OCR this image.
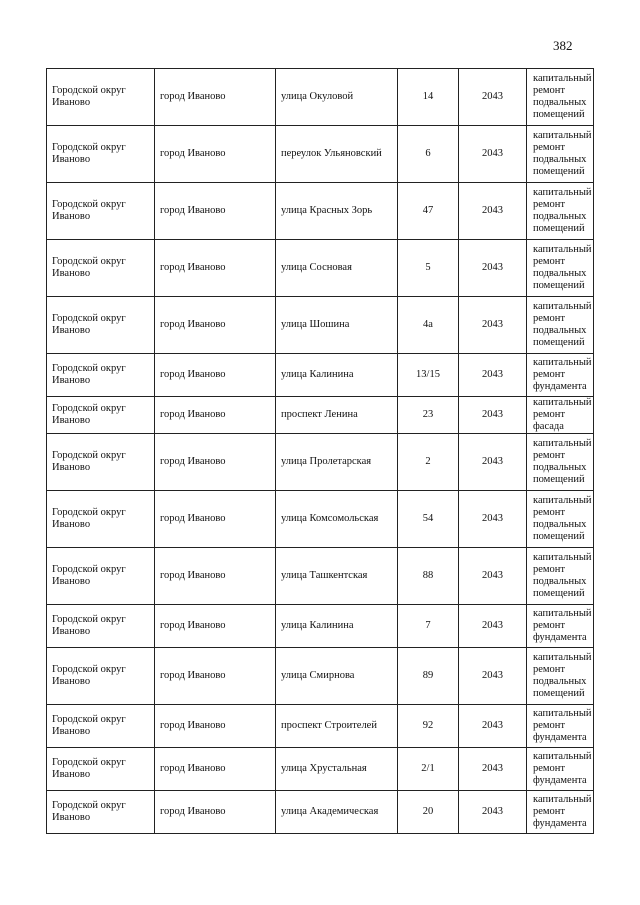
382
Городской округ Иваново	город Иваново	улица Окуловой	14	2043	капитальный ремонт подвальных помещений
Городской округ Иваново	город Иваново	переулок Ульяновский	6	2043	капитальный ремонт подвальных помещений
Городской округ Иваново	город Иваново	улица Красных Зорь	47	2043	капитальный ремонт подвальных помещений
Городской округ Иваново	город Иваново	улица Сосновая	5	2043	капитальный ремонт подвальных помещений
Городской округ Иваново	город Иваново	улица Шошина	4а	2043	капитальный ремонт подвальных помещений
Городской округ Иваново	город Иваново	улица Калинина	13/15	2043	капитальный ремонт фундамента
Городской округ Иваново	город Иваново	проспект Ленина	23	2043	капитальный ремонт фасада
Городской округ Иваново	город Иваново	улица Пролетарская	2	2043	капитальный ремонт подвальных помещений
Городской округ Иваново	город Иваново	улица Комсомольская	54	2043	капитальный ремонт подвальных помещений
Городской округ Иваново	город Иваново	улица Ташкентская	88	2043	капитальный ремонт подвальных помещений
Городской округ Иваново	город Иваново	улица Калинина	7	2043	капитальный ремонт фундамента
Городской округ Иваново	город Иваново	улица Смирнова	89	2043	капитальный ремонт подвальных помещений
Городской округ Иваново	город Иваново	проспект Строителей	92	2043	капитальный ремонт фундамента
Городской округ Иваново	город Иваново	улица Хрустальная	2/1	2043	капитальный ремонт фундамента
Городской округ Иваново	город Иваново	улица Академическая	20	2043	капитальный ремонт фундамента
